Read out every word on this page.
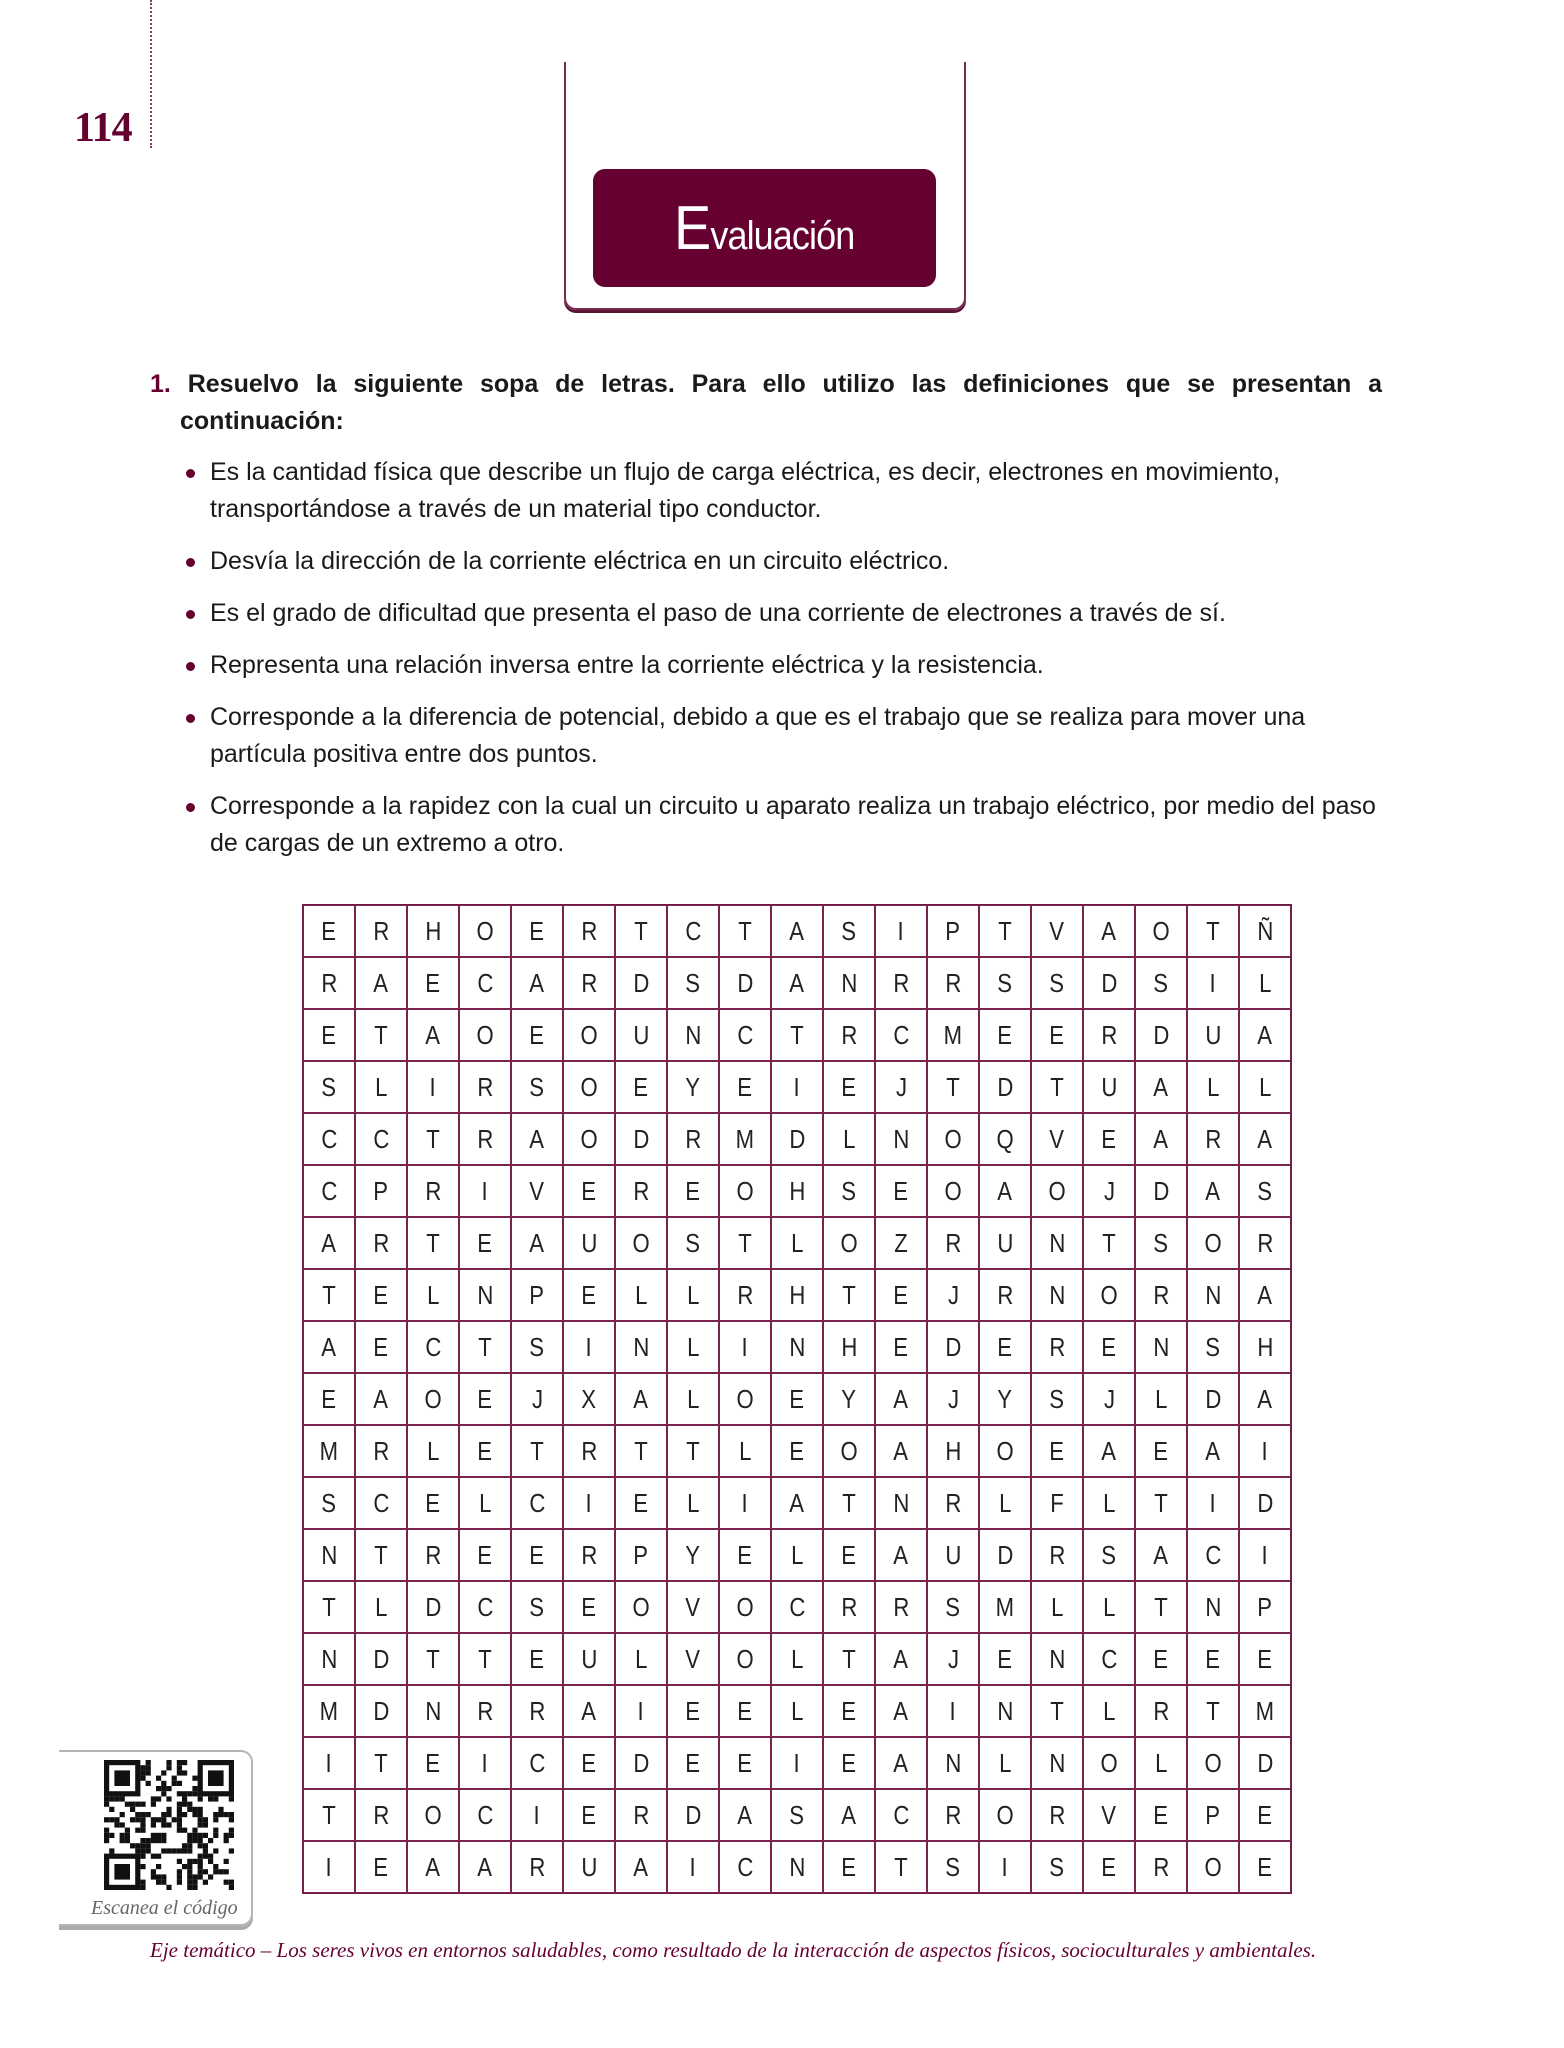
114
Evaluación
1. Resuelvo la siguiente sopa de letras. Para ello utilizo las definiciones que se presentan a continuación:
Es la cantidad física que describe un flujo de carga eléctrica, es decir, electrones en movimiento, transportándose a través de un material tipo conductor.
Desvía la dirección de la corriente eléctrica en un circuito eléctrico.
Es el grado de dificultad que presenta el paso de una corriente de electrones a través de sí.
Representa una relación inversa entre la corriente eléctrica y la resistencia.
Corresponde a la diferencia de potencial, debido a que es el trabajo que se realiza para mover una partícula positiva entre dos puntos.
Corresponde a la rapidez con la cual un circuito u aparato realiza un trabajo eléctrico, por medio del paso de cargas de un extremo a otro.
E R H O E R T C T A S I P T V A O T Ñ
R A E C A R D S D A N R R S S D S I L
E T A O E O U N C T R C M E E R D U A
S L I R S O E Y E I E J T D T U A L L
C C T R A O D R M D L N O Q V E A R A
C P R I V E R E O H S E O A O J D A S
A R T E A U O S T L O Z R U N T S O R
T E L N P E L L R H T E J R N O R N A
A E C T S I N L I N H E D E R E N S H
E A O E J X A L O E Y A J Y S J L D A
M R L E T R T T L E O A H O E A E A I
S C E L C I E L I A T N R L F L T I D
N T R E E R P Y E L E A U D R S A C I
T L D C S E O V O C R R S M L L T N P
N D T T E U L V O L T A J E N C E E E
M D N R R A I E E L E A I N T L R T M
I T E I C E D E E I E A N L N O L O D
T R O C I E R D A S A C R O R V E P E
I E A A R U A I C N E T S I S E R O E
Escanea el código
Eje temático – Los seres vivos en entornos saludables, como resultado de la interacción de aspectos físicos, socioculturales y ambientales.
